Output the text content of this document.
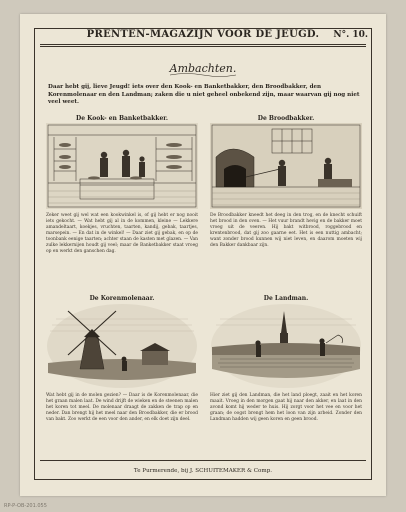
PRENTEN-MAGAZIJN VOOR DE JEUGD.	N°. 10.
Ambachten.
Daar hebt gij, lieve Jeugd! iets over den Kook- en Banketbakker, den Broodbakker, den Korenmolenaar en den Landman; zaken die u niet geheel onbekend zijn, maar waarvan gij nog niet veel weet.
De Kook- en Banketbakker.
Zeker weet gij wel wat een kookwinkel is, of gij hebt er nog nooit iets gekocht. — Wat hebt gij al in de kommen, kleine — Lekkere amandeltaart, koekjes, vruchten, taarten, kandij, gebak, taartjes, marsepein. — En dat in de winkel! — Daar ziet gij gebak, en op de toonbank eenige taarten; achter staan de kasten met glazen. — Van zulke lekkernijen houdt gij veel; maar de Banketbakker staat vroeg op en werkt den ganschen dag.
De Broodbakker.
De Broodbakker kneedt het deeg in den trog, en de knecht schuift het brood in den oven. — Het vuur brandt hevig en de bakker moet vroeg uit de veeren. Hij bakt witbrood, roggebrood en krentenbrood, dat gij zoo gaarne eet. Het is een nuttig ambacht; want zonder brood kunnen wij niet leven, en daarom moeten wij den Bakker dankbaar zijn.
De Korenmolenaar.
Wat hebt gij in de molen gezien? — Daar is de Korenmolenaar, die het graan malen laat. De wind drijft de wieken en de steenen malen het koren tot meel. De molenaar draagt de zakken de trap op en neder. Dan brengt hij het meel naar den Broodbakker, die er brood van bakt. Zoo werkt de een voor den ander, en elk doet zijn deel.
De Landman.
Hier ziet gij den Landman, die het land ploegt, zaait en het koren maait. Vroeg in den morgen gaat hij naar den akker, en laat in den avond komt hij weder te huis. Hij zorgt voor het vee en voor het graan; de oogst brengt hem het loon van zijn arbeid. Zonder den Landman hadden wij geen koren en geen brood.
Te Purmerende, bij J. SCHUITEMAKER & Comp.
RP-P-OB-201.055
